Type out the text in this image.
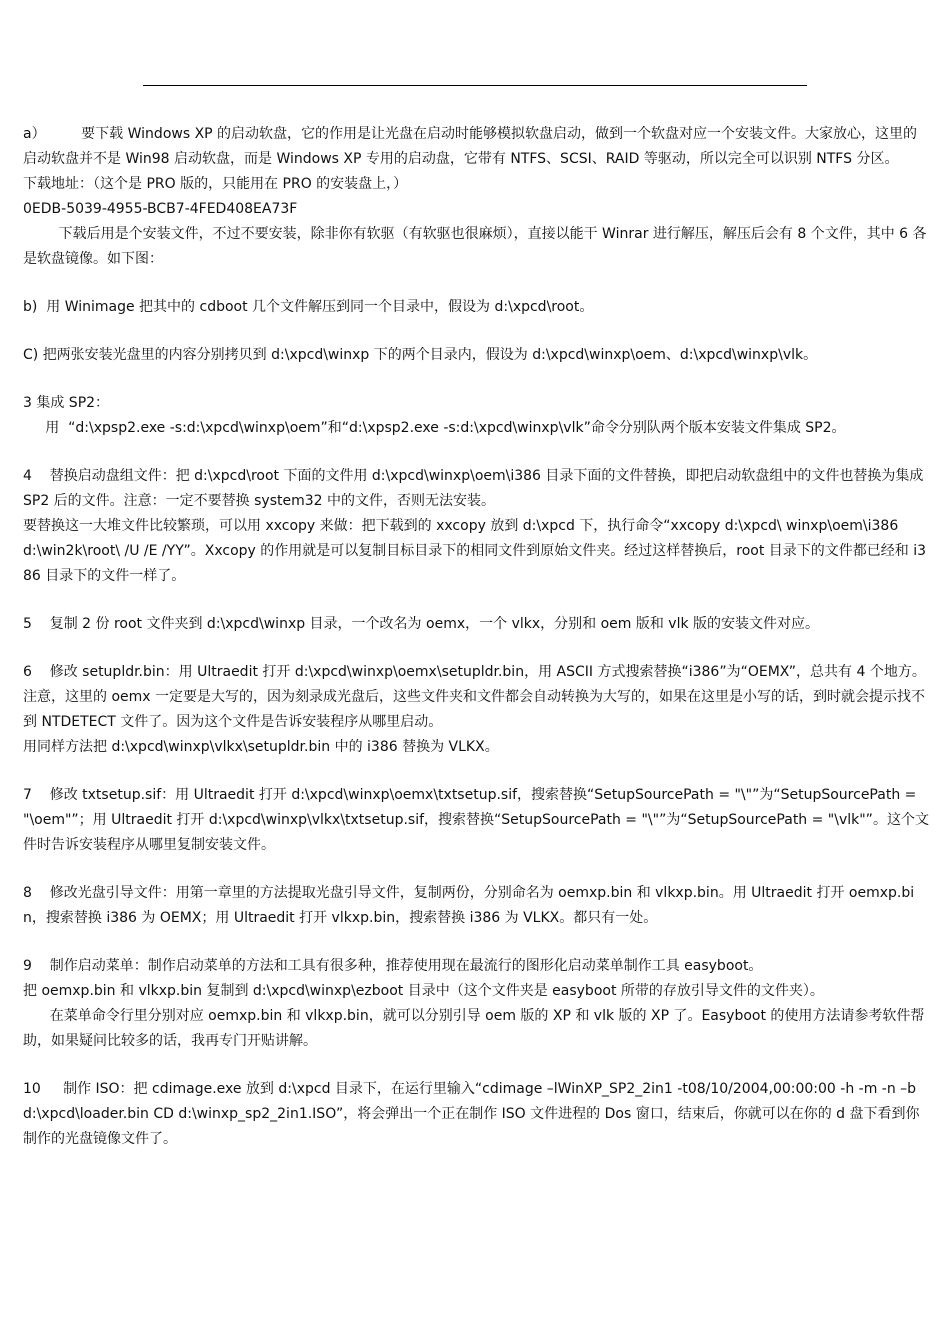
a）        要下载 Windows XP 的启动软盘，它的作用是让光盘在启动时能够模拟软盘启动，做到一个软盘对应一个安装文件。大家放心，这里的启动软盘并不是 Win98 启动软盘，而是 Windows XP 专用的启动盘，它带有 NTFS、SCSI、RAID 等驱动，所以完全可以识别 NTFS 分区。

下载地址：（这个是 PRO 版的，只能用在 PRO 的安装盘上，）

0EDB-5039-4955-BCB7-4FED408EA73F

下载后用是个安装文件，不过不要安装，除非你有软驱（有软驱也很麻烦），直接以能干 Winrar 进行解压，解压后会有 8 个文件，其中 6 各是软盘镜像。如下图：

b)  用 Winimage 把其中的 cdboot 几个文件解压到同一个目录中，假设为 d:\xpcd\root。

C) 把两张安装光盘里的内容分别拷贝到 d:\xpcd\winxp 下的两个目录内，假设为 d:\xpcd\winxp\oem、d:\xpcd\winxp\vlk。

3 集成 SP2：

用  “d:\xpsp2.exe -s:d:\xpcd\winxp\oem”和“d:\xpsp2.exe -s:d:\xpcd\winxp\vlk”命令分别队两个版本安装文件集成 SP2。

4    替换启动盘组文件：把 d:\xpcd\root 下面的文件用 d:\xpcd\winxp\oem\i386 目录下面的文件替换，即把启动软盘组中的文件也替换为集成 SP2 后的文件。注意：一定不要替换 system32 中的文件，否则无法安装。

要替换这一大堆文件比较繁琐，可以用 xxcopy 来做：把下载到的 xxcopy 放到 d:\xpcd 下，执行命令“xxcopy d:\xpcd\ winxp\oem\i386 d:\win2k\root\ /U /E /YY”。Xxcopy 的作用就是可以复制目标目录下的相同文件到原始文件夹。经过这样替换后，root 目录下的文件都已经和 i386 目录下的文件一样了。

5    复制 2 份 root 文件夹到 d:\xpcd\winxp 目录，一个改名为 oemx，一个 vlkx，分别和 oem 版和 vlk 版的安装文件对应。

6    修改 setupldr.bin：用 Ultraedit 打开 d:\xpcd\winxp\oemx\setupldr.bin，用 ASCII 方式搜索替换“i386”为“OEMX”，总共有 4 个地方。注意，这里的 oemx 一定要是大写的，因为刻录成光盘后，这些文件夹和文件都会自动转换为大写的，如果在这里是小写的话，到时就会提示找不到 NTDETECT 文件了。因为这个文件是告诉安装程序从哪里启动。

用同样方法把 d:\xpcd\winxp\vlkx\setupldr.bin 中的 i386 替换为 VLKX。

7    修改 txtsetup.sif：用 Ultraedit 打开 d:\xpcd\winxp\oemx\txtsetup.sif，搜索替换“SetupSourcePath = "\"”为“SetupSourcePath = "\oem"”；用 Ultraedit 打开 d:\xpcd\winxp\vlkx\txtsetup.sif，搜索替换“SetupSourcePath = "\"”为“SetupSourcePath = "\vlk"”。这个文件时告诉安装程序从哪里复制安装文件。

8    修改光盘引导文件：用第一章里的方法提取光盘引导文件，复制两份，分别命名为 oemxp.bin 和 vlkxp.bin。用 Ultraedit 打开 oemxp.bin，搜索替换 i386 为 OEMX；用 Ultraedit 打开 vlkxp.bin，搜索替换 i386 为 VLKX。都只有一处。

9    制作启动菜单：制作启动菜单的方法和工具有很多种，推荐使用现在最流行的图形化启动菜单制作工具 easyboot。

把 oemxp.bin 和 vlkxp.bin 复制到 d:\xpcd\winxp\ezboot 目录中（这个文件夹是 easyboot 所带的存放引导文件的文件夹）。

在菜单命令行里分别对应 oemxp.bin 和 vlkxp.bin，就可以分别引导 oem 版的 XP 和 vlk 版的 XP 了。Easyboot 的使用方法请参考软件帮助，如果疑问比较多的话，我再专门开贴讲解。

10     制作 ISO：把 cdimage.exe 放到 d:\xpcd 目录下，在运行里输入“cdimage –lWinXP_SP2_2in1 -t08/10/2004,00:00:00 -h -m -n –bd:\xpcd\loader.bin CD d:\winxp_sp2_2in1.ISO”，将会弹出一个正在制作 ISO 文件进程的 Dos 窗口，结束后，你就可以在你的 d 盘下看到你制作的光盘镜像文件了。
